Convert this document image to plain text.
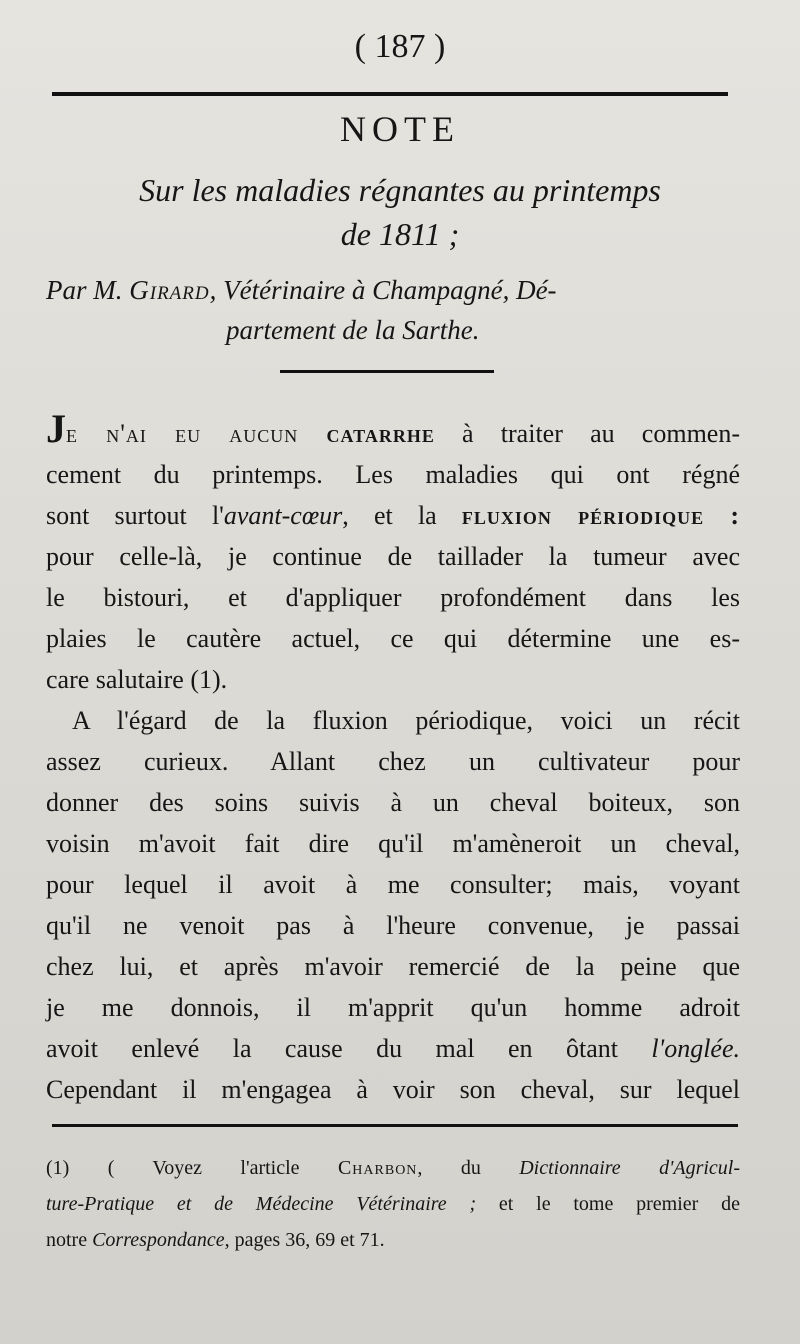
( 187 )
NOTE
Sur les maladies régnantes au printemps
de 1811 ;
Par M. Girard, Vétérinaire à Champagné, Dé-
partement de la Sarthe.
Je n'ai eu aucun catarrhe à traiter au commen-
cement du printemps. Les maladies qui ont régné
sont surtout l'avant-cœur, et la fluxion périodique :
pour celle-là, je continue de taillader la tumeur avec
le bistouri, et d'appliquer profondément dans les
plaies le cautère actuel, ce qui détermine une es-
care salutaire (1).
A l'égard de la fluxion périodique, voici un récit
assez curieux. Allant chez un cultivateur pour
donner des soins suivis à un cheval boiteux, son
voisin m'avoit fait dire qu'il m'amèneroit un cheval,
pour lequel il avoit à me consulter; mais, voyant
qu'il ne venoit pas à l'heure convenue, je passai
chez lui, et après m'avoir remercié de la peine que
je me donnois, il m'apprit qu'un homme adroit
avoit enlevé la cause du mal en ôtant l'onglée.
Cependant il m'engagea à voir son cheval, sur lequel
(1) ( Voyez l'article Charbon, du Dictionnaire d'Agricul-
ture-Pratique et de Médecine Vétérinaire ; et le tome premier de
notre Correspondance, pages 36, 69 et 71.
